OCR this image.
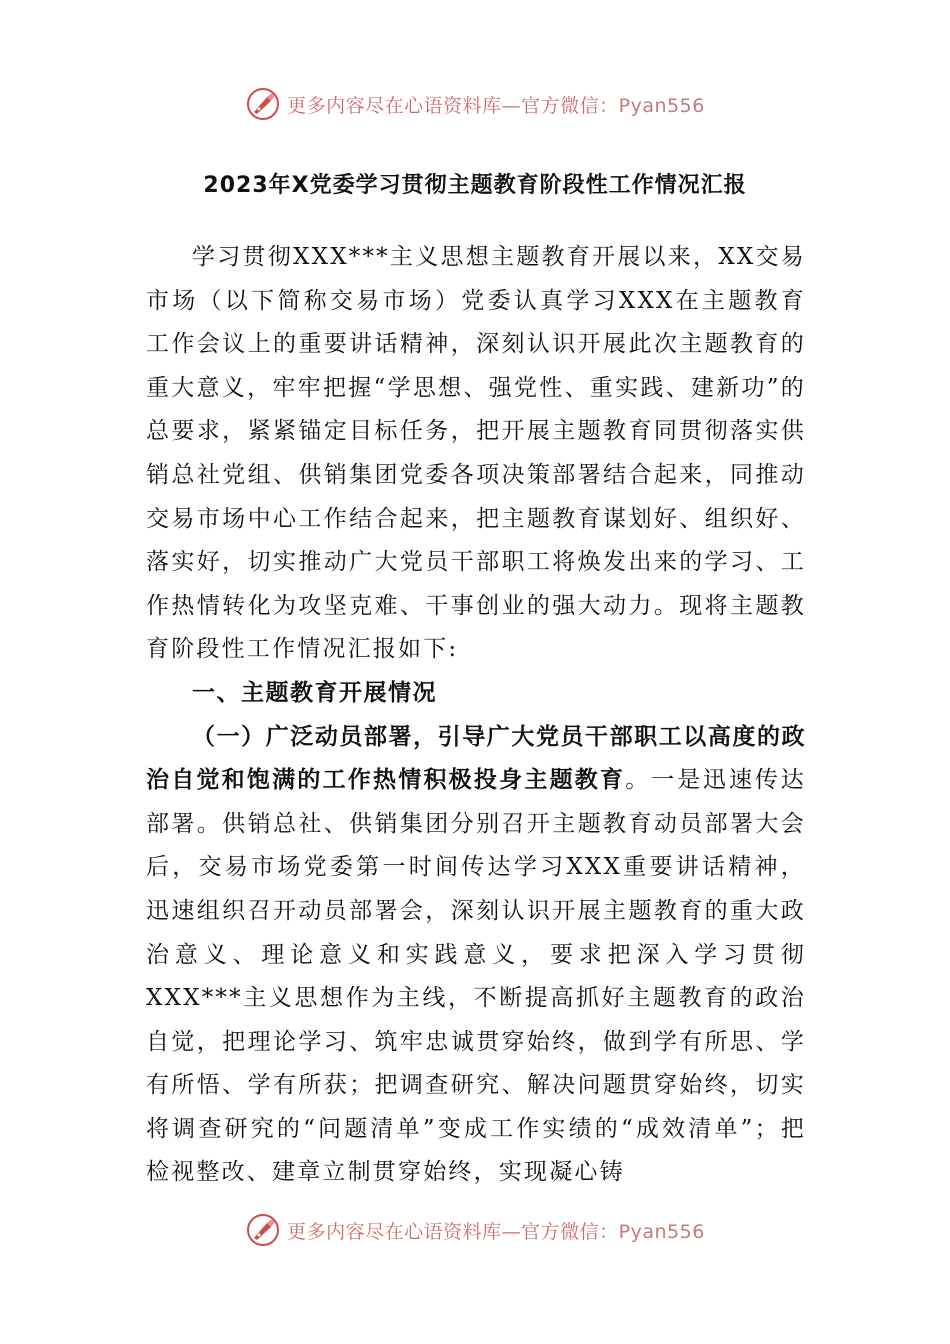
更多内容尽在心语资料库—官方微信：Pyan556
2023年X党委学习贯彻主题教育阶段性工作情况汇报

学习贯彻XXX***主义思想主题教育开展以来，XX交易市场（以下简称交易市场）党委认真学习XXX在主题教育工作会议上的重要讲话精神，深刻认识开展此次主题教育的重大意义，牢牢把握“学思想、强党性、重实践、建新功”的总要求，紧紧锚定目标任务，把开展主题教育同贯彻落实供销总社党组、供销集团党委各项决策部署结合起来，同推动交易市场中心工作结合起来，把主题教育谋划好、组织好、落实好，切实推动广大党员干部职工将焕发出来的学习、工作热情转化为攻坚克难、干事创业的强大动力。现将主题教育阶段性工作情况汇报如下:

一、主题教育开展情况

（一）广泛动员部署，引导广大党员干部职工以高度的政治自觉和饱满的工作热情积极投身主题教育。一是迅速传达部署。供销总社、供销集团分别召开主题教育动员部署大会后，交易市场党委第一时间传达学习XXX重要讲话精神，迅速组织召开动员部署会，深刻认识开展主题教育的重大政治意义、理论意义和实践意义，要求把深入学习贯彻XXX***主义思想作为主线，不断提高抓好主题教育的政治自觉，把理论学习、筑牢忠诚贯穿始终，做到学有所思、学有所悟、学有所获；把调查研究、解决问题贯穿始终，切实将调查研究的“问题清单”变成工作实绩的“成效清单”；把检视整改、建章立制贯穿始终，实现凝心铸

更多内容尽在心语资料库—官方微信：Pyan556
